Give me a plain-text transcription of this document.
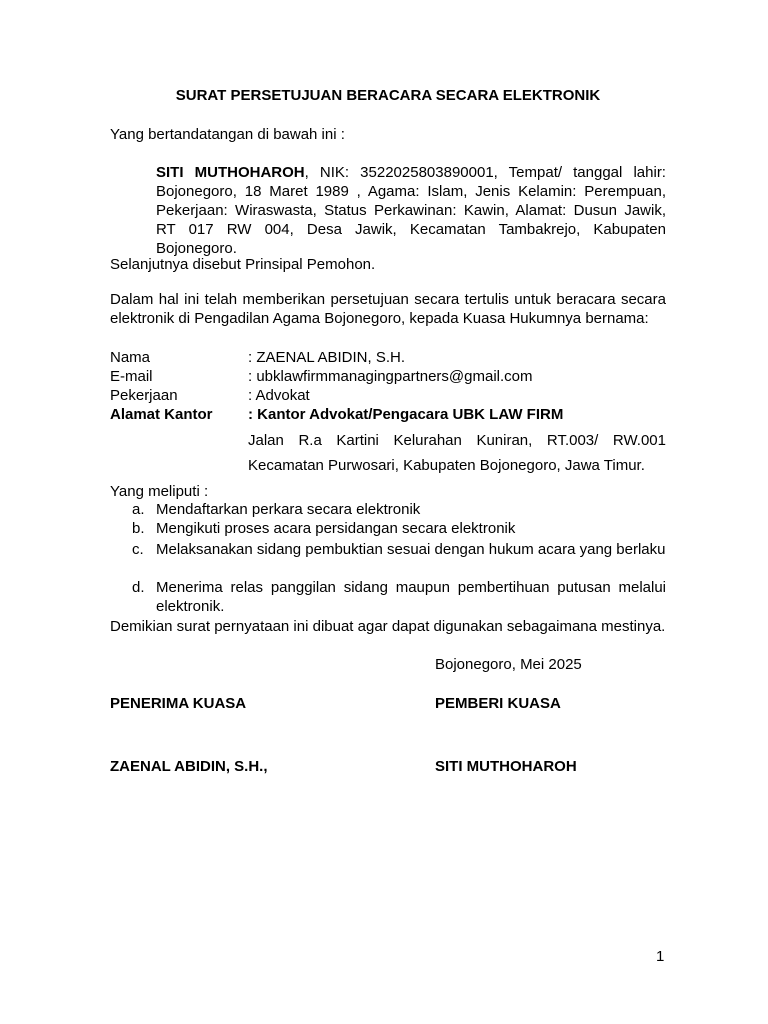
SURAT PERSETUJUAN BERACARA SECARA ELEKTRONIK
Yang bertandatangan di bawah ini :
SITI MUTHOHAROH, NIK: 3522025803890001, Tempat/ tanggal lahir: Bojonegoro, 18 Maret 1989 , Agama: Islam, Jenis Kelamin: Perempuan, Pekerjaan: Wiraswasta, Status Perkawinan: Kawin, Alamat: Dusun Jawik, RT 017 RW 004, Desa Jawik, Kecamatan Tambakrejo, Kabupaten Bojonegoro.
Selanjutnya disebut Prinsipal Pemohon.
Dalam hal ini telah memberikan persetujuan secara tertulis untuk beracara secara elektronik di Pengadilan Agama Bojonegoro, kepada Kuasa Hukumnya bernama:
Nama	: ZAENAL ABIDIN, S.H.
E-mail	: ubklawfirmmanagingpartners@gmail.com
Pekerjaan	: Advokat
Alamat Kantor : Kantor Advokat/Pengacara UBK LAW FIRM
Jalan R.a Kartini Kelurahan Kuniran, RT.003/ RW.001
Kecamatan Purwosari, Kabupaten Bojonegoro, Jawa Timur.
Yang meliputi :
a. Mendaftarkan perkara secara elektronik
b. Mengikuti proses acara persidangan secara elektronik
c. Melaksanakan sidang pembuktian sesuai dengan hukum acara yang berlaku
d. Menerima relas panggilan sidang maupun pembertihuan putusan melalui elektronik.
Demikian surat pernyataan ini dibuat agar dapat digunakan sebagaimana mestinya.
Bojonegoro, Mei 2025
PENERIMA KUASA	PEMBERI KUASA
ZAENAL ABIDIN, S.H.,	SITI MUTHOHAROH
1
